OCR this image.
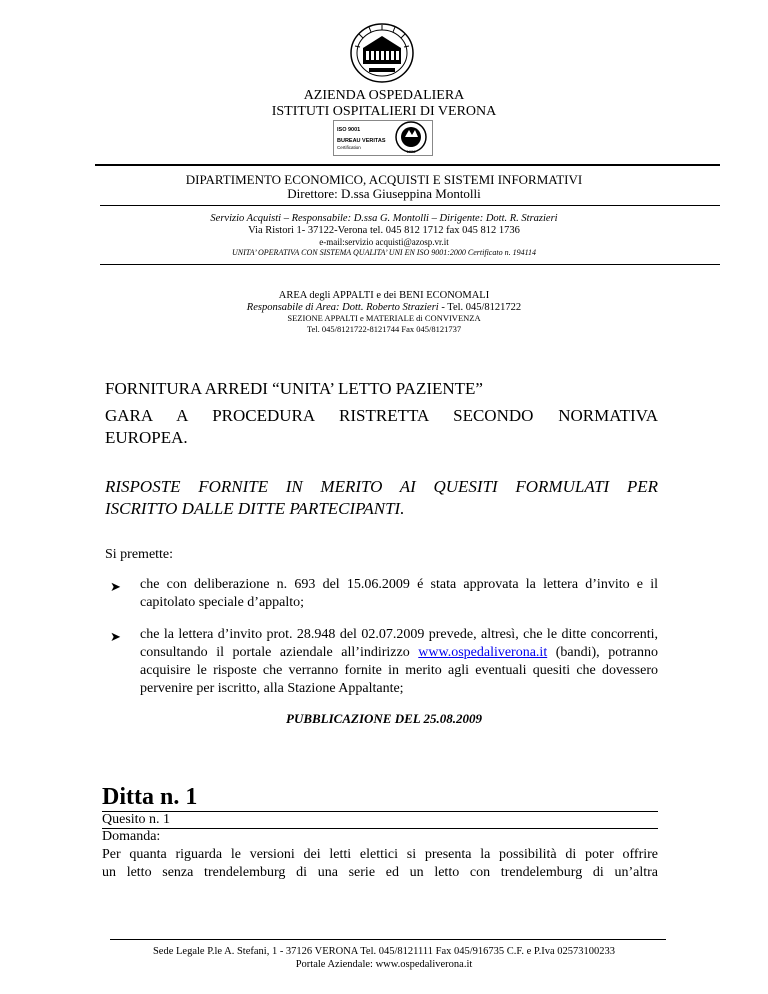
AZIENDA OSPEDALIERA
ISTITUTI OSPITALIERI DI VERONA
ISO 9001
BUREAU VERITAS
Certification
1828
DIPARTIMENTO ECONOMICO, ACQUISTI E SISTEMI INFORMATIVI
Direttore: D.ssa Giuseppina Montolli
Servizio Acquisti – Responsabile: D.ssa G. Montolli – Dirigente: Dott. R. Strazieri
Via Ristori 1- 37122-Verona tel. 045 812 1712 fax 045 812 1736
e-mail:servizio acquisti@azosp.vr.it
UNITA’ OPERATIVA CON SISTEMA QUALITA’ UNI EN ISO 9001:2000 Certificato n. 194114
AREA degli APPALTI e dei BENI ECONOMALI
Responsabile di Area: Dott. Roberto Strazieri - Tel. 045/8121722
SEZIONE APPALTI e MATERIALE di CONVIVENZA
Tel. 045/8121722-8121744 Fax 045/8121737
FORNITURA ARREDI “UNITA’ LETTO PAZIENTE”
GARA A PROCEDURA RISTRETTA SECONDO NORMATIVA
EUROPEA.
RISPOSTE FORNITE IN MERITO AI QUESITI FORMULATI PER
ISCRITTO DALLE DITTE PARTECIPANTI.
Si premette:
➤ che con deliberazione n. 693 del 15.06.2009 é stata approvata la lettera d’invito e il capitolato speciale d’appalto;
➤ che la lettera d’invito prot. 28.948 del 02.07.2009 prevede, altresì, che le ditte concorrenti, consultando il portale aziendale all’indirizzo www.ospedaliverona.it (bandi), potranno acquisire le risposte che verranno fornite in merito agli eventuali quesiti che dovessero pervenire per iscritto, alla Stazione Appaltante;
PUBBLICAZIONE DEL 25.08.2009
Ditta n. 1
Quesito n. 1
Domanda:
Per quanta riguarda le versioni dei letti elettici si presenta la possibilità di poter offrire
un letto senza trendelemburg di una serie ed un letto con trendelemburg di un’altra
Sede Legale P.le A. Stefani, 1 - 37126 VERONA Tel. 045/8121111 Fax 045/916735 C.F. e P.Iva 02573100233
Portale Aziendale: www.ospedaliverona.it
